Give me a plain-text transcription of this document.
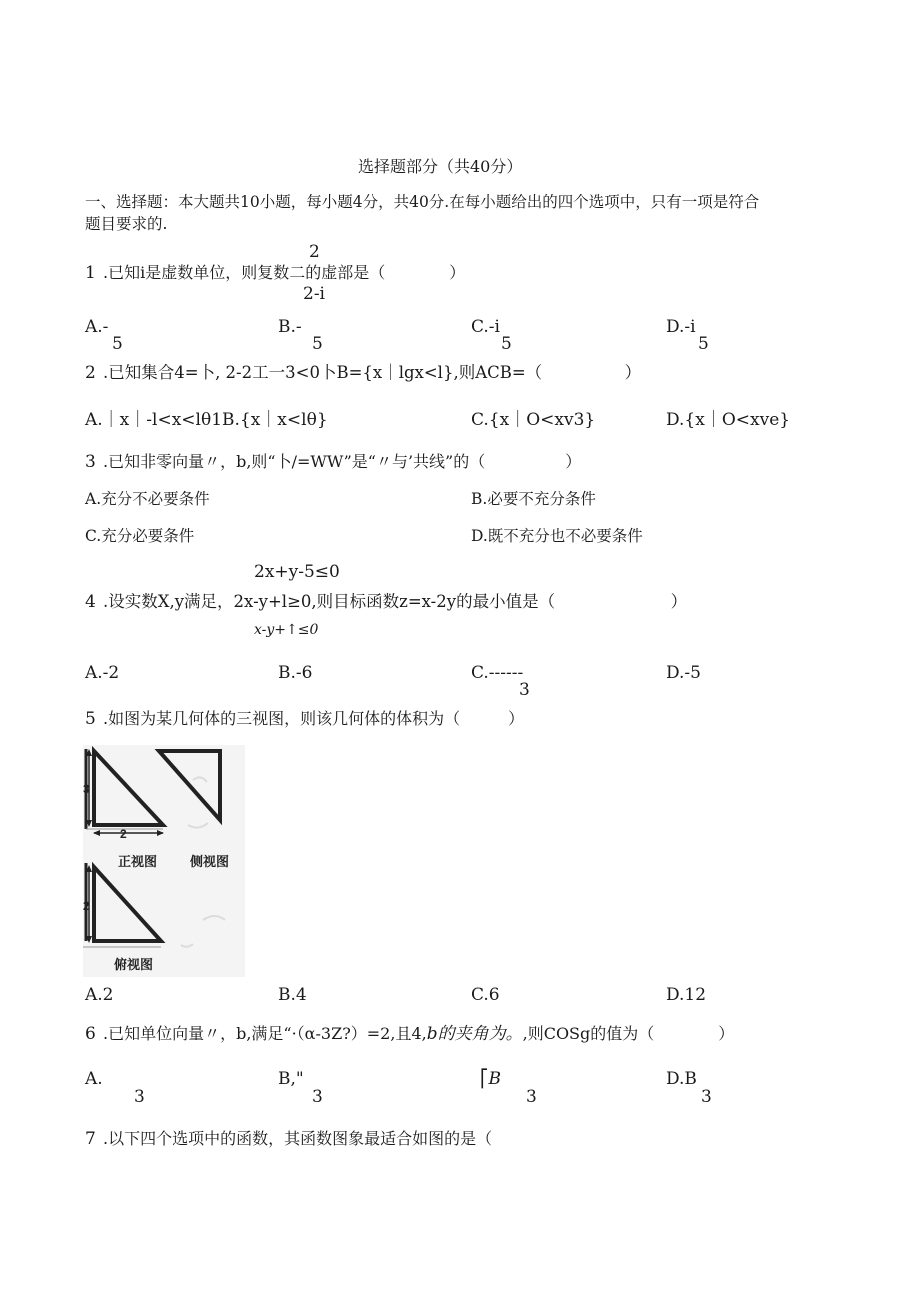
选择题部分（共40分）
一、选择题：本大题共10小题，每小题4分，共40分.在每小题给出的四个选项中，只有一项是符合
题目要求的.
2
1 .已知i是虚数单位，则复数二的虚部是（　　　　）
2-i
A.-
5
B.-
5
C.-i
5
D.-i
5
2 .已知集合4=卜, 2-2工一3<0卜B={x｜lgx<l},则ACB=（　　　　　）
A.｜x｜-l<x<lθ1B.{x｜x<lθ}	C.{x｜O<xv3}	D.{x｜O<xve}
3 .已知非零向量〃，b,则“卜/=WW”是“〃与’共线”的（　　　　　）
A.充分不必要条件	B.必要不充分条件
C.充分必要条件	D.既不充分也不必要条件
2x+y-5≤0
4 .设实数X,y满足，2x-y+l≥0,则目标函数z=x-2y的最小值是（　　　　　　　）
x-y+↑≤0
A.-2	B.-6	C.------
3
D.-5
5 .如图为某几何体的三视图，则该几何体的体积为（　　　）
3
2
正视图	侧视图
2
俯视图
A.2	B.4	C.6	D.12
6 .已知单位向量〃，b,满足“·（α-3Z?）=2,且4,b的夹角为。,则COSg的值为（　　　　）
A.
3
B,"
3
⎡B
3
D.B
3
7 .以下四个选项中的函数，其函数图象最适合如图的是（
